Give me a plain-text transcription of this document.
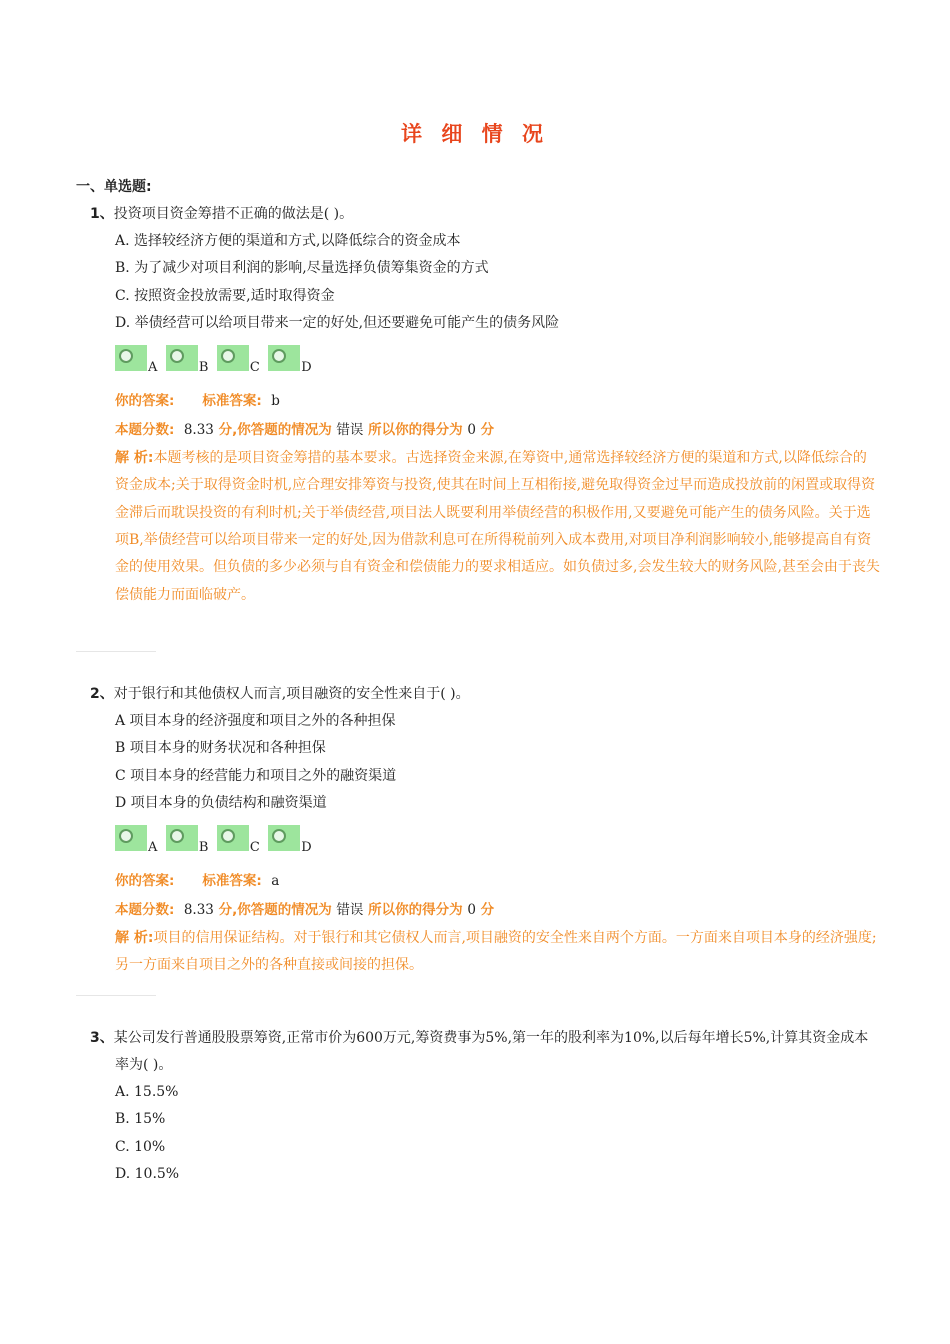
详 细 情 况
一、单选题:
1、投资项目资金筹措不正确的做法是( )。
A. 选择较经济方便的渠道和方式,以降低综合的资金成本
B. 为了减少对项目利润的影响,尽量选择负债筹集资金的方式
C. 按照资金投放需要,适时取得资金
D. 举债经营可以给项目带来一定的好处,但还要避免可能产生的债务风险
A	B	C	D
你的答案: 标准答案: b
本题分数: 8.33 分,你答题的情况为 错误 所以你的得分为 0 分
解 析:本题考核的是项目资金筹措的基本要求。古选择资金来源,在筹资中,通常选择较经济方便的渠道和方式,以降低综合的资金成本;关于取得资金时机,应合理安排筹资与投资,使其在时间上互相衔接,避免取得资金过早而造成投放前的闲置或取得资金滞后而耽误投资的有利时机;关于举债经营,项目法人既要利用举债经营的积极作用,又要避免可能产生的债务风险。关于选项B,举债经营可以给项目带来一定的好处,因为借款利息可在所得税前列入成本费用,对项目净利润影响较小,能够提高自有资金的使用效果。但负债的多少必须与自有资金和偿债能力的要求相适应。如负债过多,会发生较大的财务风险,甚至会由于丧失偿债能力而面临破产。
2、对于银行和其他债权人而言,项目融资的安全性来自于( )。
A 项目本身的经济强度和项目之外的各种担保
B 项目本身的财务状况和各种担保
C 项目本身的经营能力和项目之外的融资渠道
D 项目本身的负债结构和融资渠道
A	B	C	D
你的答案: 标准答案: a
本题分数: 8.33 分,你答题的情况为 错误 所以你的得分为 0 分
解 析:项目的信用保证结构。对于银行和其它债权人而言,项目融资的安全性来自两个方面。一方面来自项目本身的经济强度;另一方面来自项目之外的各种直接或间接的担保。
3、某公司发行普通股股票筹资,正常市价为600万元,筹资费事为5%,第一年的股利率为10%,以后每年增长5%,计算其资金成本率为( )。
A. 15.5%
B. 15%
C. 10%
D. 10.5%
